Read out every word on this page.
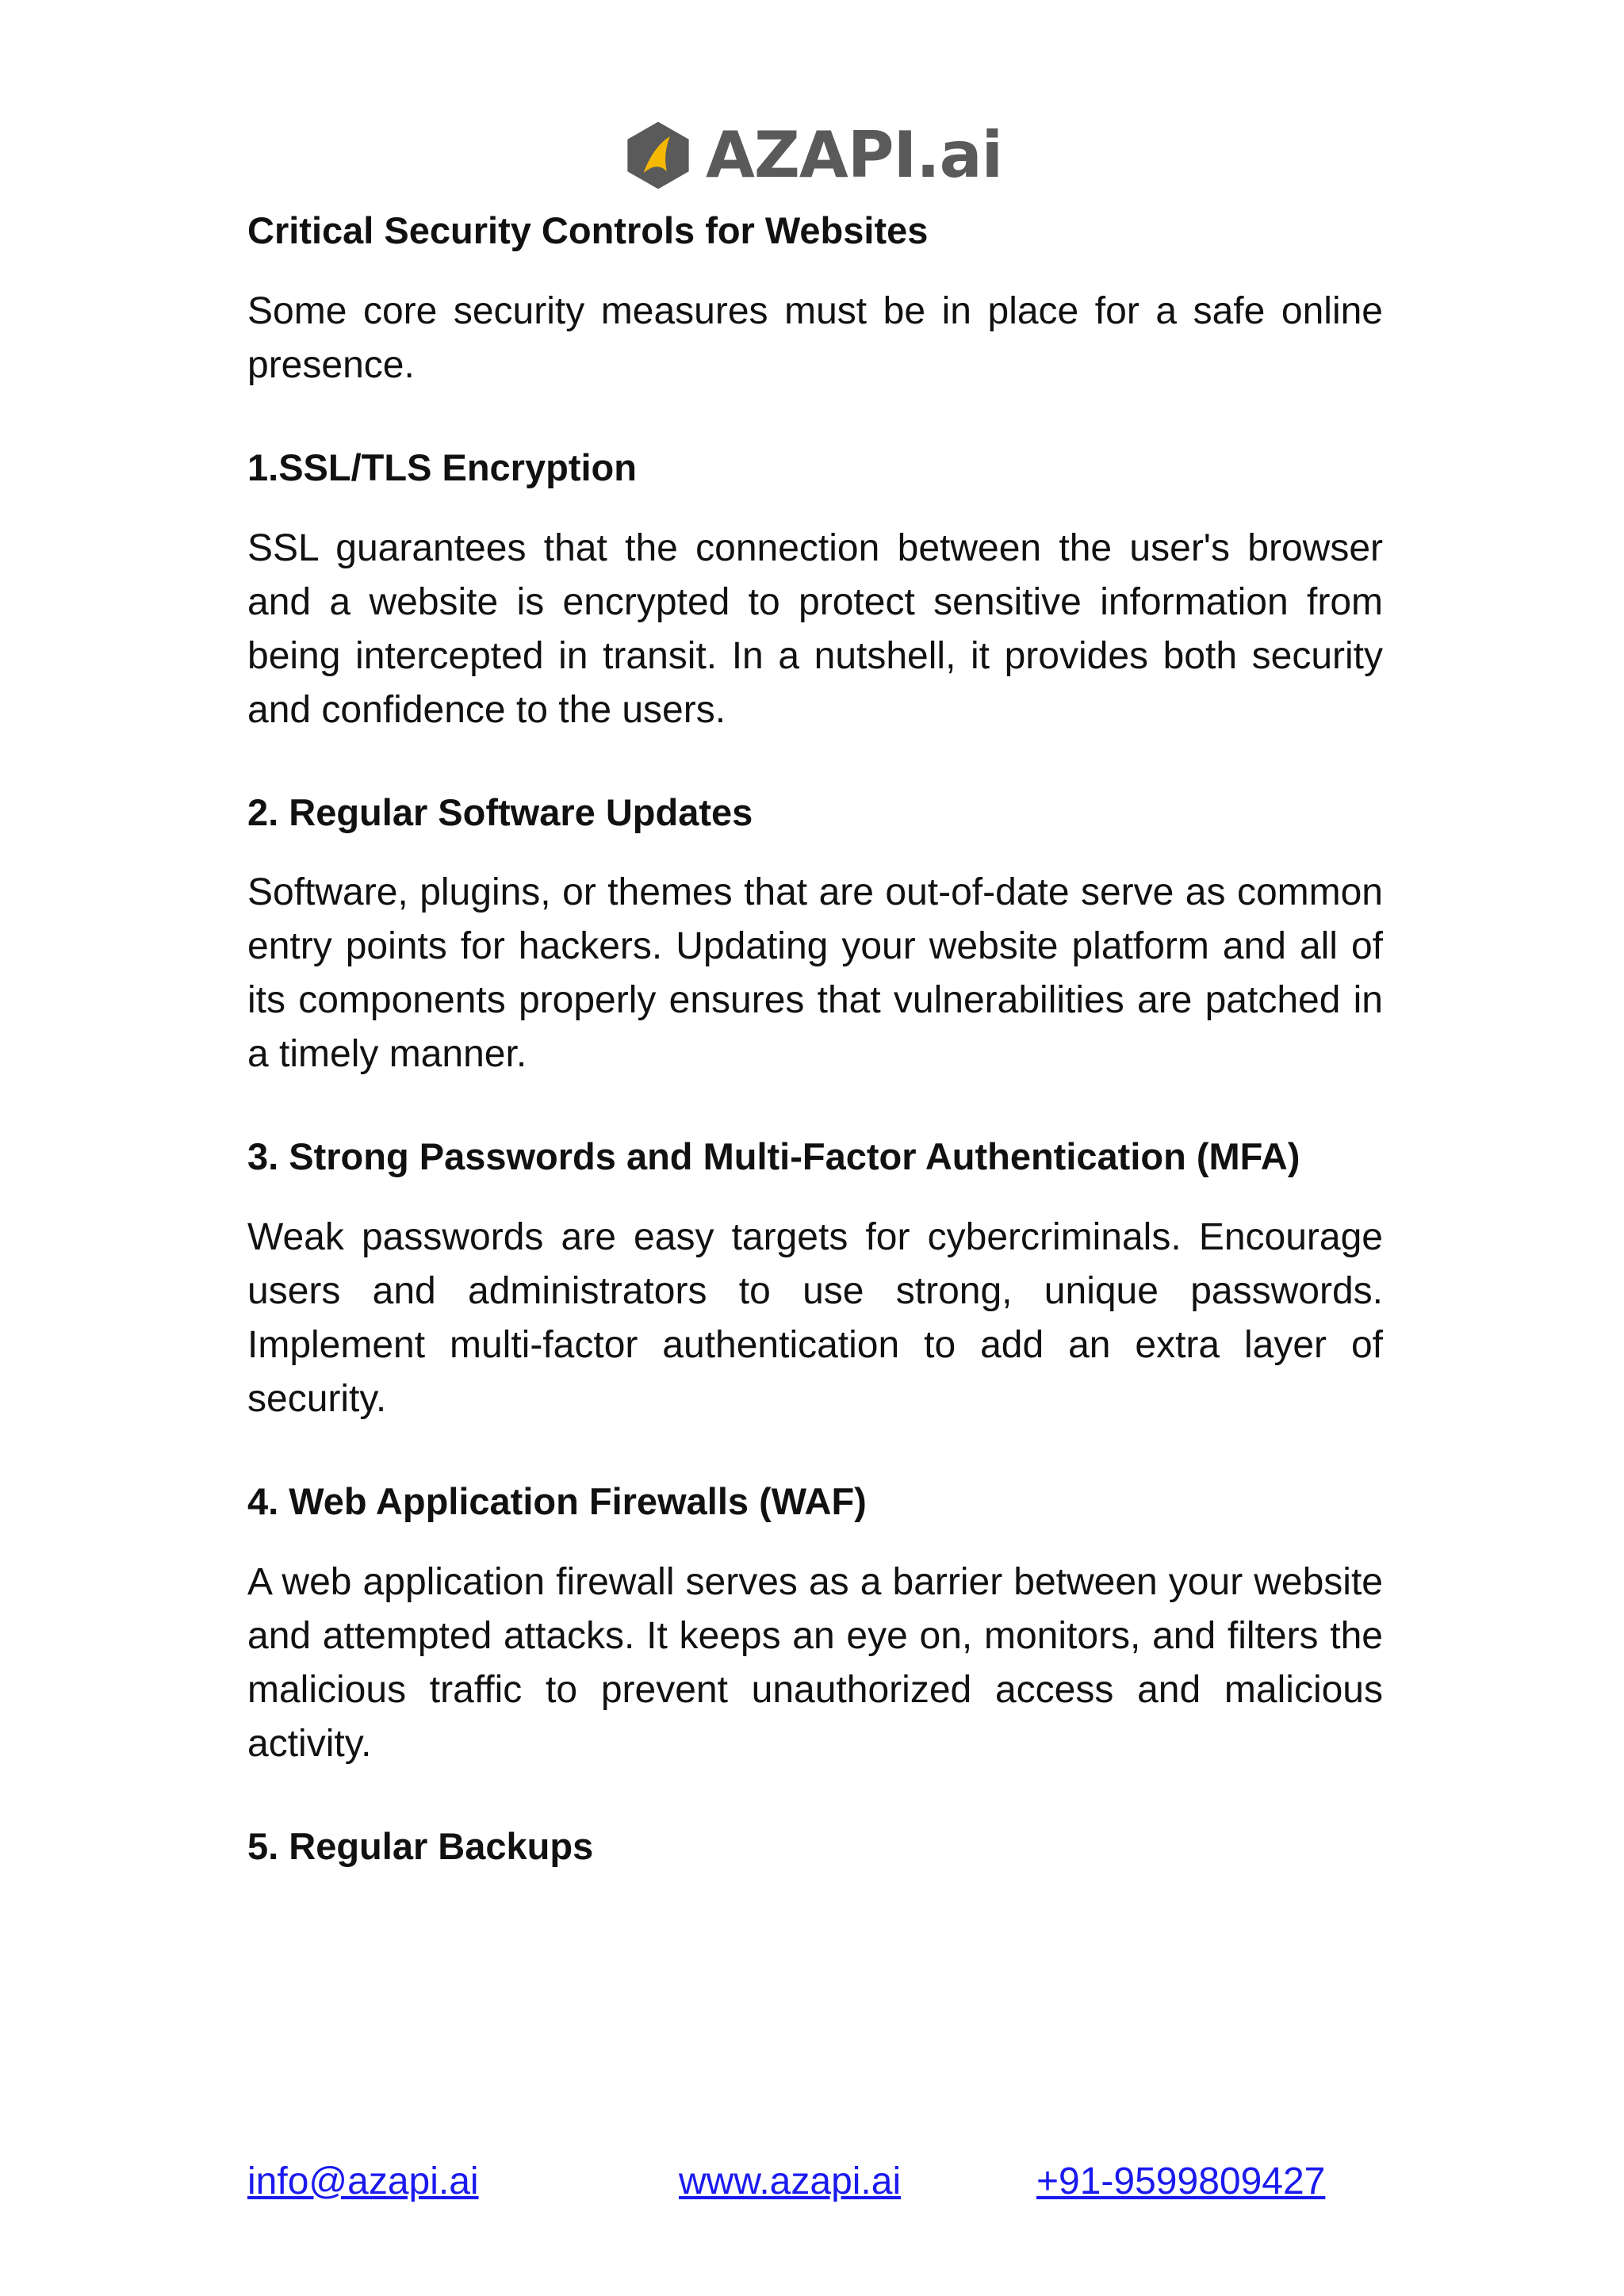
AZAPI.ai
Critical Security Controls for Websites

Some core security measures must be in place for a safe online presence.

1.SSL/TLS Encryption

SSL guarantees that the connection between the user's browser and a website is encrypted to protect sensitive information from being intercepted in transit. In a nutshell, it provides both security and confidence to the users.

2. Regular Software Updates

Software, plugins, or themes that are out-of-date serve as common entry points for hackers. Updating your website platform and all of its components properly ensures that vulnerabilities are patched in a timely manner.

3. Strong Passwords and Multi-Factor Authentication (MFA)

Weak passwords are easy targets for cybercriminals. Encourage users and administrators to use strong, unique passwords. Implement multi-factor authentication to add an extra layer of security.

4. Web Application Firewalls (WAF)

A web application firewall serves as a barrier between your website and attempted attacks. It keeps an eye on, monitors, and filters the malicious traffic to prevent unauthorized access and malicious activity.

5. Regular Backups
info@azapi.ai	www.azapi.ai	+91-9599809427
